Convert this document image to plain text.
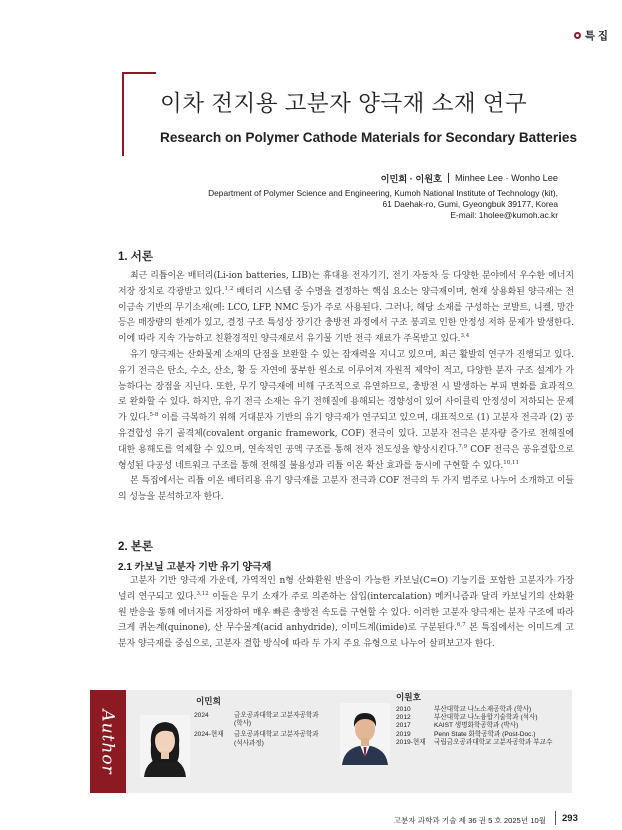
특 집
이차 전지용 고분자 양극재 소재 연구
Research on Polymer Cathode Materials for Secondary Batteries
이민희 · 이원호 Minhee Lee · Wonho Lee
Department of Polymer Science and Engineering, Kumoh National Institute of Technology (kit),
61 Daehak-ro, Gumi, Gyeongbuk 39177, Korea
E-mail: 1holee@kumoh.ac.kr
1. 서론

최근 리튬이온 배터리(Li-ion batteries, LIB)는 휴대용 전자기기, 전기 자동차 등 다양한 분야에서 우수한 에너지 저장 장치로 각광받고 있다.$^{1,2}$ 배터리 시스템 중 수명을 결정하는 핵심 요소는 양극재이며, 현재 상용화된 양극재는 전이금속 기반의 무기소재(예: LCO, LFP, NMC 등)가 주로 사용된다. 그러나, 해당 소재를 구성하는 코발트, 니켈, 망간 등은 매장량의 한계가 있고, 결정 구조 특성상 장기간 충방전 과정에서 구조 붕괴로 인한 안정성 저하 문제가 발생한다. 이에 따라 지속 가능하고 친환경적인 양극재로서 유기물 기반 전극 재료가 주목받고 있다.$^{3,4}$

유기 양극재는 산화물계 소재의 단점을 보완할 수 있는 잠재력을 지니고 있으며, 최근 활발히 연구가 진행되고 있다. 유기 전극은 탄소, 수소, 산소, 황 등 자연에 풍부한 원소로 이루어져 자원적 제약이 적고, 다양한 분자 구조 설계가 가능하다는 장점을 지닌다. 또한, 무기 양극재에 비해 구조적으로 유연하므로, 충방전 시 발생하는 부피 변화를 효과적으로 완화할 수 있다. 하지만, 유기 전극 소재는 유기 전해질에 용해되는 경향성이 있어 사이클릭 안정성이 저하되는 문제가 있다.$^{5-8}$ 이를 극복하기 위해 거대분자 기반의 유기 양극재가 연구되고 있으며, 대표적으로 (1) 고분자 전극과 (2) 공유결합성 유기 골격체(covalent organic framework, COF) 전극이 있다. 고분자 전극은 분자량 증가로 전해질에 대한 용해도를 억제할 수 있으며, 연속적인 공액 구조를 통해 전자 전도성을 향상시킨다.$^{7,9}$ COF 전극은 공유결합으로 형성된 다공성 네트워크 구조를 통해 전해질 불용성과 리튬 이온 확산 효과를 동시에 구현할 수 있다.$^{10,11}$

본 특집에서는 리튬 이온 배터리용 유기 양극재를 고분자 전극과 COF 전극의 두 가지 범주로 나누어 소개하고 이들의 성능을 분석하고자 한다.

2. 본론
2.1 카보닐 고분자 기반 유기 양극재

고분자 기반 양극재 가운데, 가역적인 n형 산화환원 반응이 가능한 카보닐(C=O) 기능기를 포함한 고분자가 가장 널리 연구되고 있다.$^{3,12}$ 이들은 무기 소재가 주로 의존하는 삽입(intercalation) 메커니즘과 달리 카보닐기의 산화환원 반응을 통해 에너지를 저장하여 매우 빠른 충방전 속도를 구현할 수 있다. 이러한 고분자 양극재는 분자 구조에 따라 크게 퀴논계(quinone), 산 무수물계(acid anhydride), 이미드계(imide)로 구분된다.$^{6,7}$ 본 특집에서는 이미드계 고분자 양극재를 중심으로, 고분자 결합 방식에 따라 두 가지 주요 유형으로 나누어 살펴보고자 한다.

Author
이민희
2024	금오공과대학교 고분자공학과 (학사)
2024-현재	금오공과대학교 고분자공학과 (석사과정)
이원호
2010	부산대학교 나노소재공학과 (학사)
2012	부산대학교 나노융합기술학과 (석사)
2017	KAIST 생명화학공학과 (박사)
2019	Penn State 화학공학과 (Post-Doc.)
2019-현재	국립금오공과대학교 고분자공학과 부교수
고분자 과학과 기술 제 36 권 5 호 2025년 10월 293
